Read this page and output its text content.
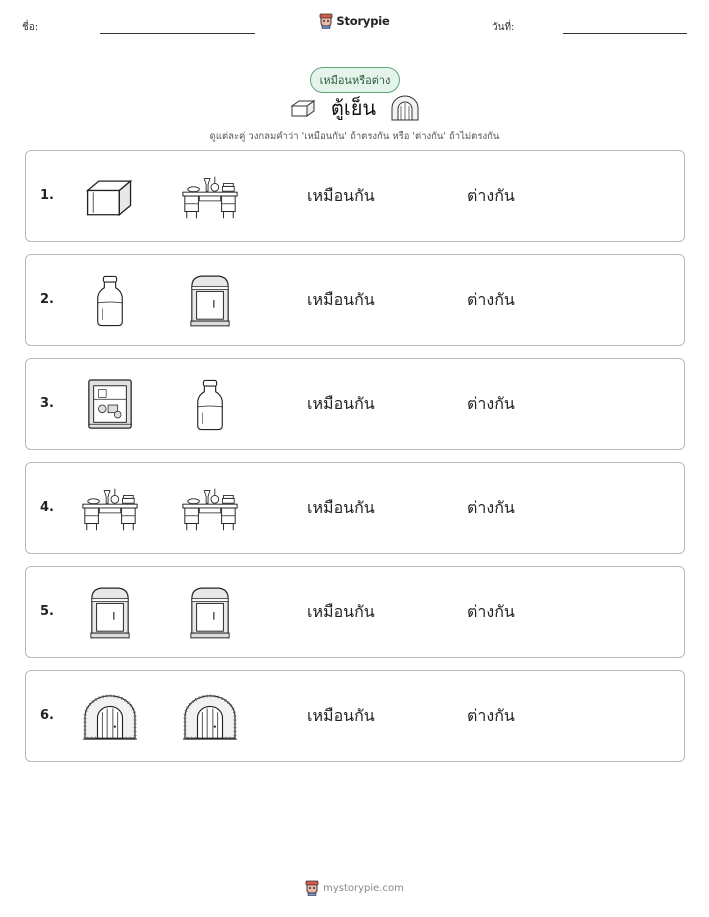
ชื่อ:	วันที่:
Storypie
เหมือนหรือต่าง
ตู้เย็น
ดูแต่ละคู่ วงกลมคำว่า 'เหมือนกัน' ถ้าตรงกัน หรือ 'ต่างกัน' ถ้าไม่ตรงกัน
1.	เหมือนกัน	ต่างกัน
2.	เหมือนกัน	ต่างกัน
3.	เหมือนกัน	ต่างกัน
4.	เหมือนกัน	ต่างกัน
5.	เหมือนกัน	ต่างกัน
6.	เหมือนกัน	ต่างกัน
mystorypie.com
